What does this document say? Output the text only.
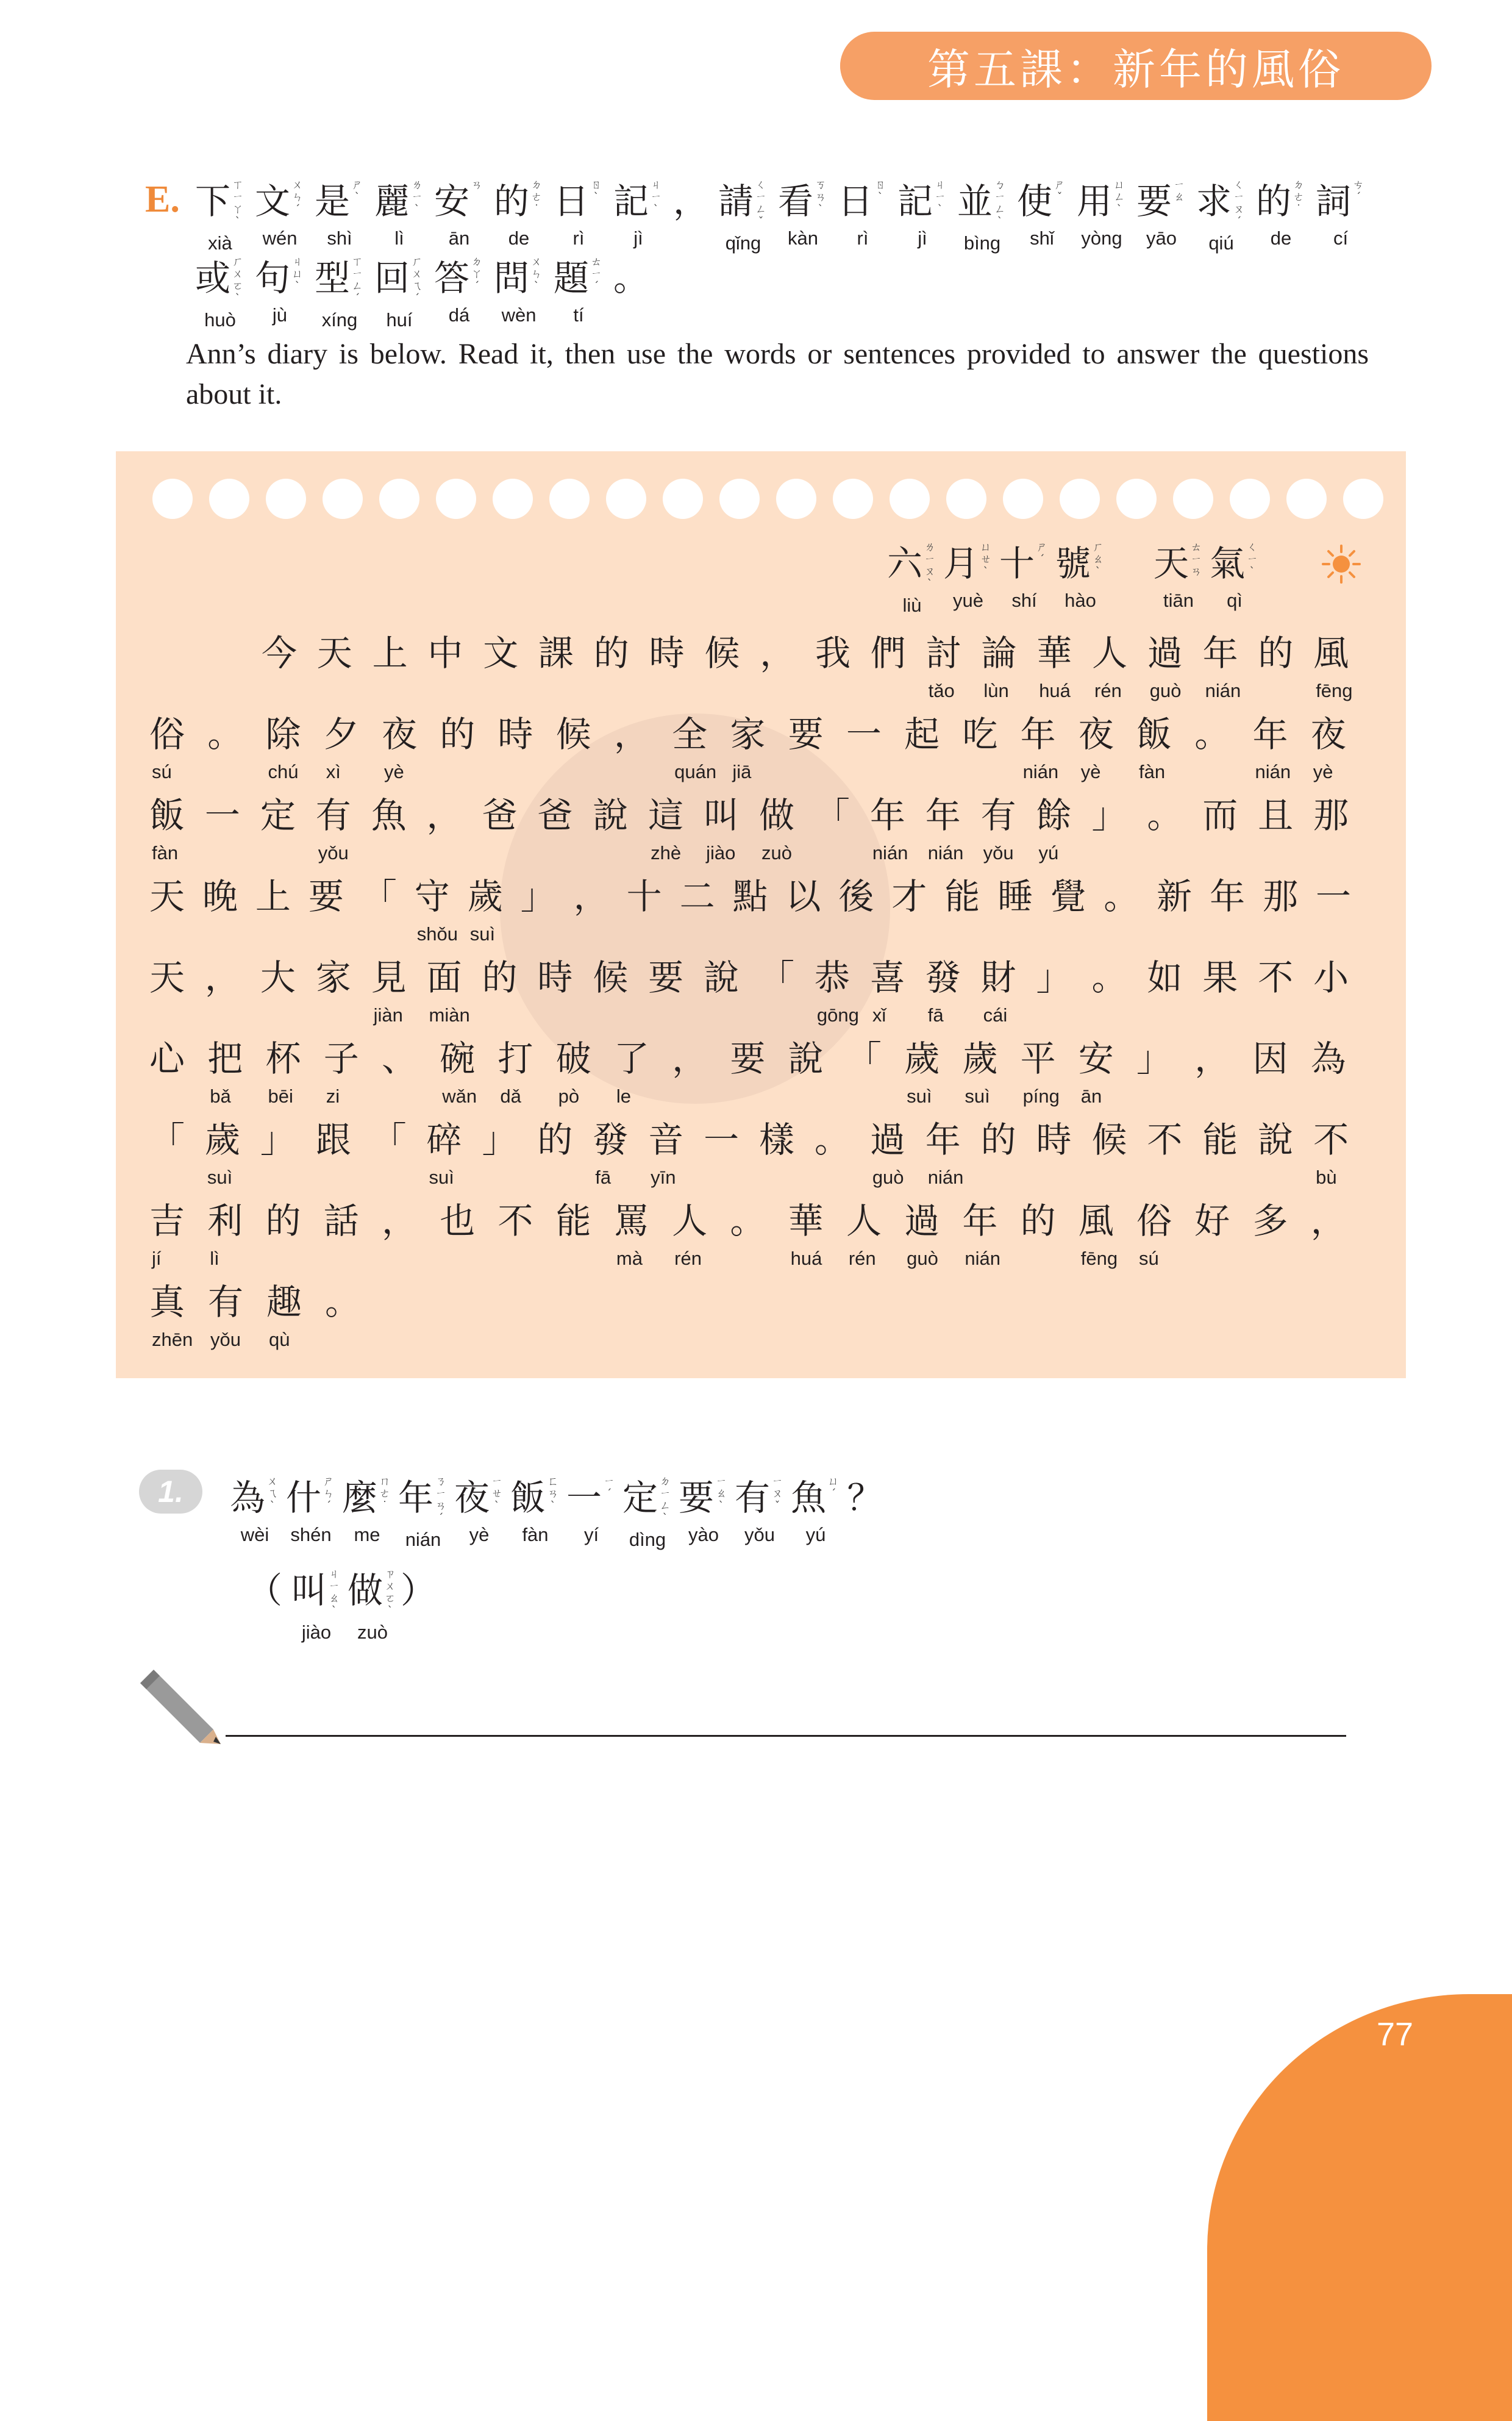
第五課：新年的風俗
E. 下 ㄒㄧㄚˋ
xià
文 ㄨㄣˊ
wén
是 ㄕˋ
shì
麗 ㄌㄧˋ
lì
安 ㄢ
ān
的 ㄉㄜ˙
de
日 ㄖˋ
rì
記 ㄐㄧˋ
jì
，
請 ㄑㄧㄥˇ
qǐng
看 ㄎㄢˋ
kàn
日 ㄖˋ
rì
記 ㄐㄧˋ
jì
並 ㄅㄧㄥˋ
bìng
使 ㄕˇ
shǐ
用 ㄩㄥˋ
yòng
要 ㄧㄠ
yāo
求 ㄑㄧㄡˊ
qiú
的 ㄉㄜ˙
de
詞 ㄘˊ
cí
或 ㄏㄨㄛˋ
huò
句 ㄐㄩˋ
jù
型 ㄒㄧㄥˊ
xíng
回 ㄏㄨㄟˊ
huí
答 ㄉㄚˊ
dá
問 ㄨㄣˋ
wèn
題 ㄊㄧˊ
tí
。

Ann’s diary is below. Read it, then use the words or sentences provided to answer the questions about it.
六 ㄌㄧㄡˋ
liù
月 ㄩㄝˋ
yuè
十 ㄕˊ
shí
號 ㄏㄠˋ
hào

天 ㄊㄧㄢ
tiān
氣 ㄑㄧˋ
qì
今 天 上 中 文 課 的 時 候 ， 我 們 討
tǎo
論
lùn
華
huá
人
rén
過
guò
年
nián
的 風
fēng
俗
sú
。 除
chú
夕
xì
夜
yè
的 時 候 ， 全
quán
家
jiā
要 一 起 吃 年
nián
夜
yè
飯
fàn
。 年
nián
夜
yè
飯
fàn
一 定 有
yǒu
魚 ， 爸 爸 說 這
zhè
叫
jiào
做
zuò
「 年
nián
年
nián
有
yǒu
餘
yú
」 。 而 且 那
天 晚 上 要 「 守
shǒu
歲
suì
」 ， 十 二 點 以 後 才 能 睡 覺 。 新 年 那 一
天 ， 大 家 見
jiàn
面
miàn
的 時 候 要 說 「 恭
gōng
喜
xǐ
發
fā
財
cái
」 。 如 果 不 小
心 把
bǎ
杯
bēi
子
zi
、 碗
wǎn
打
dǎ
破
pò
了
le
， 要 說 「 歲
suì
歲
suì
平
píng
安
ān
」 ， 因 為
「 歲
suì
」 跟 「 碎
suì
」 的 發
fā
音
yīn
一 樣 。 過
guò
年
nián
的 時 候 不 能 說 不
bù
吉
jí
利
lì
的 話 ， 也 不 能 罵
mà
人
rén
。 華
huá
人
rén
過
guò
年
nián
的 風
fēng
俗
sú
好 多 ，
真
zhēn
有
yǒu
趣
qù
。
1.	為 ㄨㄟˋ
wèi
什 ㄕㄣˊ
shén
麼 ㄇㄜ˙
me
年 ㄋㄧㄢˊ
nián
夜 ㄧㄝˋ
yè
飯 ㄈㄢˋ
fàn
一 ㄧˊ
yí
定 ㄉㄧㄥˋ
dìng
要 ㄧㄠˋ
yào
有 ㄧㄡˇ
yǒu
魚 ㄩˊ
yú
？

（ 叫 ㄐㄧㄠˋ
jiào
做 ㄗㄨㄛˋ
zuò
）
77
